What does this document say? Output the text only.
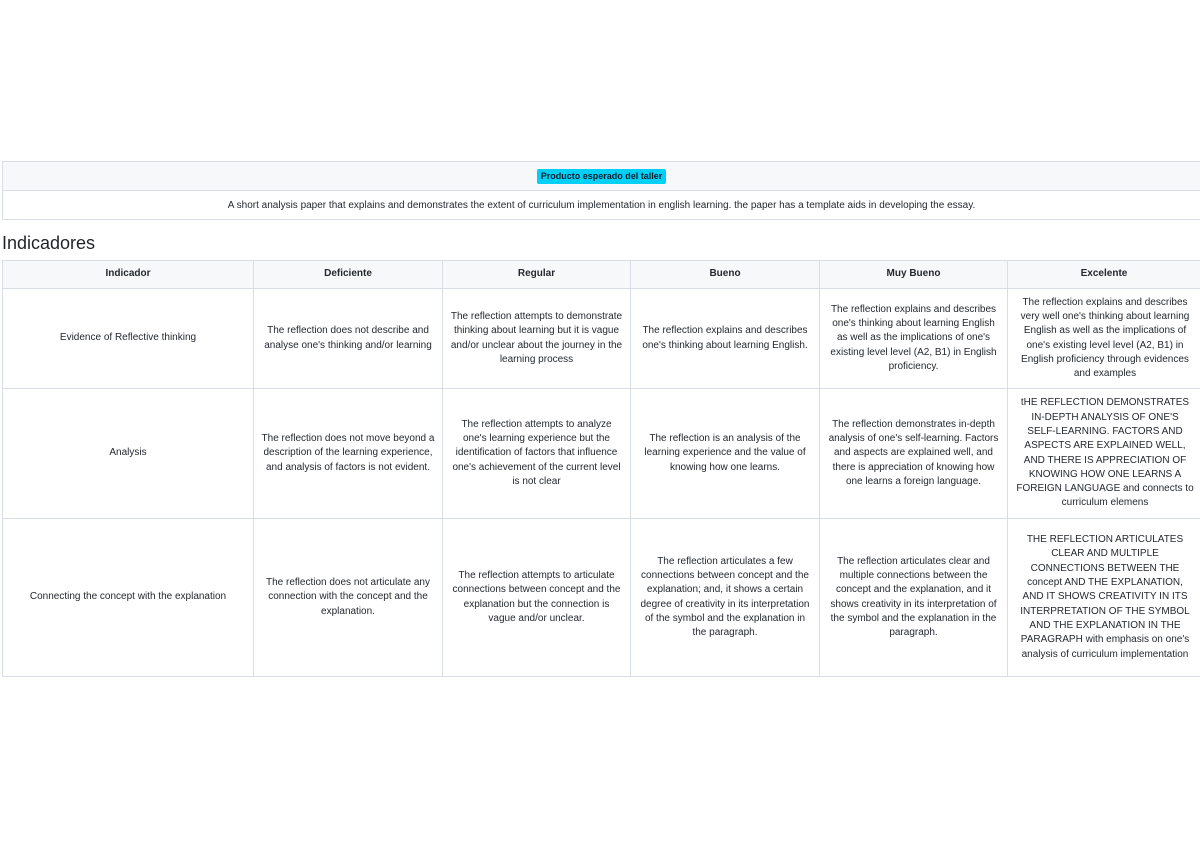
Producto esperado del taller
A short analysis paper that explains and demonstrates the extent of curriculum implementation in english learning. the paper has a template aids in developing the essay.
Indicadores
Indicador	Deficiente	Regular	Bueno	Muy Bueno	Excelente
Evidence of Reflective thinking	The reflection does not describe and analyse one's thinking and/or learning	The reflection attempts to demonstrate thinking about learning but it is vague and/or unclear about the journey in the learning process	The reflection explains and describes one's thinking about learning English.	The reflection explains and describes one's thinking about learning English as well as the implications of one's existing level level (A2, B1) in English proficiency.	The reflection explains and describes very well one's thinking about learning English as well as the implications of one's existing level level (A2, B1) in English proficiency through evidences and examples
Analysis	The reflection does not move beyond a description of the learning experience, and analysis of factors is not evident.	The reflection attempts to analyze one's learning experience but the identification of factors that influence one's achievement of the current level is not clear	The reflection is an analysis of the learning experience and the value of knowing how one learns.	The reflection demonstrates in-depth analysis of one's self-learning. Factors and aspects are explained well, and there is appreciation of knowing how one learns a foreign language.	tHE REFLECTION DEMONSTRATES IN-DEPTH ANALYSIS OF ONE'S SELF-LEARNING. FACTORS AND ASPECTS ARE EXPLAINED WELL, AND THERE IS APPRECIATION OF KNOWING HOW ONE LEARNS A FOREIGN LANGUAGE and connects to curriculum elemens
Connecting the concept with the explanation	The reflection does not articulate any connection with the concept and the explanation.	The reflection attempts to articulate connections between concept and the explanation but the connection is vague and/or unclear.	The reflection articulates a few connections between concept and the explanation; and, it shows a certain degree of creativity in its interpretation of the symbol and the explanation in the paragraph.	The reflection articulates clear and multiple connections between the concept and the explanation, and it shows creativity in its interpretation of the symbol and the explanation in the paragraph.	THE REFLECTION ARTICULATES CLEAR AND MULTIPLE CONNECTIONS BETWEEN THE concept AND THE EXPLANATION, AND IT SHOWS CREATIVITY IN ITS INTERPRETATION OF THE SYMBOL AND THE EXPLANATION IN THE PARAGRAPH with emphasis on one's analysis of curriculum implementation
